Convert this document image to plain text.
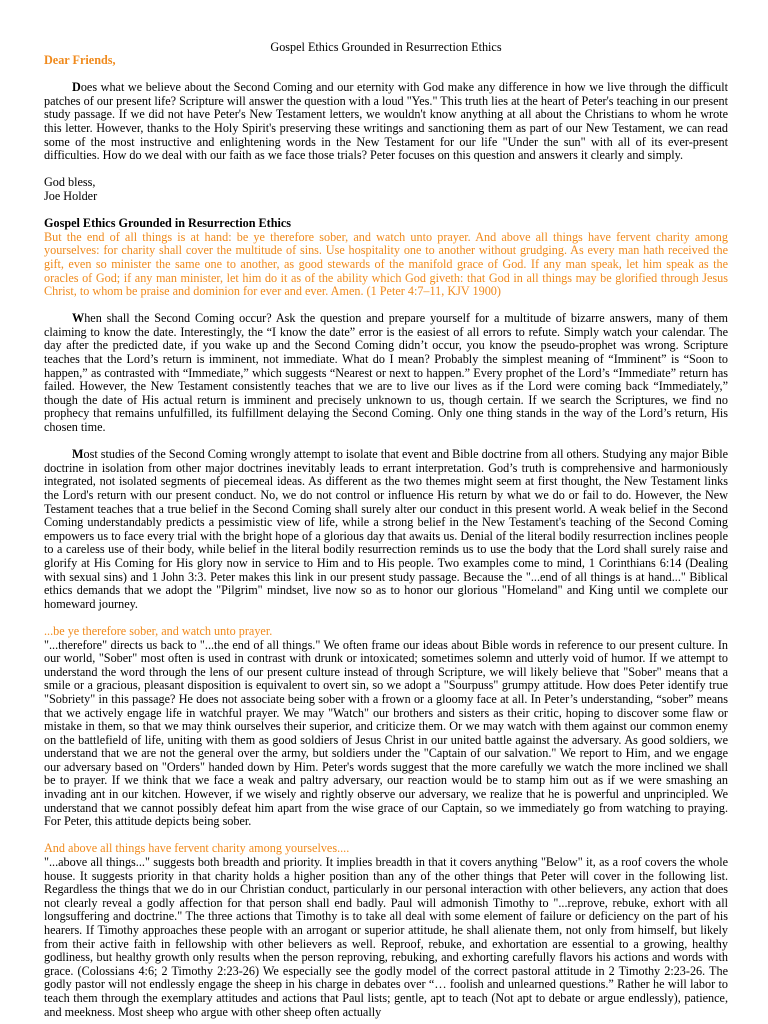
Gospel Ethics Grounded in Resurrection Ethics
Dear Friends,

Does what we believe about the Second Coming and our eternity with God make any difference in how we live through the difficult patches of our present life? Scripture will answer the question with a loud "Yes." This truth lies at the heart of Peter's teaching in our present study passage. If we did not have Peter's New Testament letters, we wouldn't know anything at all about the Christians to whom he wrote this letter. However, thanks to the Holy Spirit's preserving these writings and sanctioning them as part of our New Testament, we can read some of the most instructive and enlightening words in the New Testament for our life "Under the sun" with all of its ever-present difficulties. How do we deal with our faith as we face those trials? Peter focuses on this question and answers it clearly and simply.

God bless,

Joe Holder

Gospel Ethics Grounded in Resurrection Ethics

But the end of all things is at hand: be ye therefore sober, and watch unto prayer. And above all things have fervent charity among yourselves: for charity shall cover the multitude of sins. Use hospitality one to another without grudging. As every man hath received the gift, even so minister the same one to another, as good stewards of the manifold grace of God. If any man speak, let him speak as the oracles of God; if any man minister, let him do it as of the ability which God giveth: that God in all things may be glorified through Jesus Christ, to whom be praise and dominion for ever and ever. Amen. (1 Peter 4:7–11, KJV 1900)

When shall the Second Coming occur? Ask the question and prepare yourself for a multitude of bizarre answers, many of them claiming to know the date. Interestingly, the “I know the date” error is the easiest of all errors to refute. Simply watch your calendar. The day after the predicted date, if you wake up and the Second Coming didn’t occur, you know the pseudo-prophet was wrong. Scripture teaches that the Lord’s return is imminent, not immediate. What do I mean? Probably the simplest meaning of “Imminent” is “Soon to happen,” as contrasted with “Immediate,” which suggests “Nearest or next to happen.” Every prophet of the Lord’s “Immediate” return has failed. However, the New Testament consistently teaches that we are to live our lives as if the Lord were coming back “Immediately,” though the date of His actual return is imminent and precisely unknown to us, though certain. If we search the Scriptures, we find no prophecy that remains unfulfilled, its fulfillment delaying the Second Coming. Only one thing stands in the way of the Lord’s return, His chosen time.

Most studies of the Second Coming wrongly attempt to isolate that event and Bible doctrine from all others. Studying any major Bible doctrine in isolation from other major doctrines inevitably leads to errant interpretation. God’s truth is comprehensive and harmoniously integrated, not isolated segments of piecemeal ideas. As different as the two themes might seem at first thought, the New Testament links the Lord's return with our present conduct. No, we do not control or influence His return by what we do or fail to do. However, the New Testament teaches that a true belief in the Second Coming shall surely alter our conduct in this present world. A weak belief in the Second Coming understandably predicts a pessimistic view of life, while a strong belief in the New Testament's teaching of the Second Coming empowers us to face every trial with the bright hope of a glorious day that awaits us. Denial of the literal bodily resurrection inclines people to a careless use of their body, while belief in the literal bodily resurrection reminds us to use the body that the Lord shall surely raise and glorify at His Coming for His glory now in service to Him and to His people. Two examples come to mind, 1 Corinthians 6:14 (Dealing with sexual sins) and 1 John 3:3. Peter makes this link in our present study passage. Because the "...end of all things is at hand..." Biblical ethics demands that we adopt the "Pilgrim" mindset, live now so as to honor our glorious "Homeland" and King until we complete our homeward journey.

...be ye therefore sober, and watch unto prayer.

"...therefore" directs us back to "...the end of all things." We often frame our ideas about Bible words in reference to our present culture. In our world, "Sober" most often is used in contrast with drunk or intoxicated; sometimes solemn and utterly void of humor. If we attempt to understand the word through the lens of our present culture instead of through Scripture, we will likely believe that "Sober" means that a smile or a gracious, pleasant disposition is equivalent to overt sin, so we adopt a "Sourpuss" grumpy attitude. How does Peter identify true "Sobriety" in this passage? He does not associate being sober with a frown or a gloomy face at all. In Peter’s understanding, “sober” means that we actively engage life in watchful prayer. We may "Watch" our brothers and sisters as their critic, hoping to discover some flaw or mistake in them, so that we may think ourselves their superior, and criticize them. Or we may watch with them against our common enemy on the battlefield of life, uniting with them as good soldiers of Jesus Christ in our united battle against the adversary. As good soldiers, we understand that we are not the general over the army, but soldiers under the "Captain of our salvation." We report to Him, and we engage our adversary based on "Orders" handed down by Him. Peter's words suggest that the more carefully we watch the more inclined we shall be to prayer. If we think that we face a weak and paltry adversary, our reaction would be to stamp him out as if we were smashing an invading ant in our kitchen. However, if we wisely and rightly observe our adversary, we realize that he is powerful and unprincipled. We understand that we cannot possibly defeat him apart from the wise grace of our Captain, so we immediately go from watching to praying. For Peter, this attitude depicts being sober.

And above all things have fervent charity among yourselves....

"...above all things..." suggests both breadth and priority. It implies breadth in that it covers anything "Below" it, as a roof covers the whole house. It suggests priority in that charity holds a higher position than any of the other things that Peter will cover in the following list. Regardless the things that we do in our Christian conduct, particularly in our personal interaction with other believers, any action that does not clearly reveal a godly affection for that person shall end badly. Paul will admonish Timothy to "...reprove, rebuke, exhort with all longsuffering and doctrine." The three actions that Timothy is to take all deal with some element of failure or deficiency on the part of his hearers. If Timothy approaches these people with an arrogant or superior attitude, he shall alienate them, not only from himself, but likely from their active faith in fellowship with other believers as well. Reproof, rebuke, and exhortation are essential to a growing, healthy godliness, but healthy growth only results when the person reproving, rebuking, and exhorting carefully flavors his actions and words with grace. (Colossians 4:6; 2 Timothy 2:23-26) We especially see the godly model of the correct pastoral attitude in 2 Timothy 2:23-26. The godly pastor will not endlessly engage the sheep in his charge in debates over “… foolish and unlearned questions.” Rather he will labor to teach them through the exemplary attitudes and actions that Paul lists; gentle, apt to teach (Not apt to debate or argue endlessly), patience, and meekness. Most sheep who argue with other sheep often actually
